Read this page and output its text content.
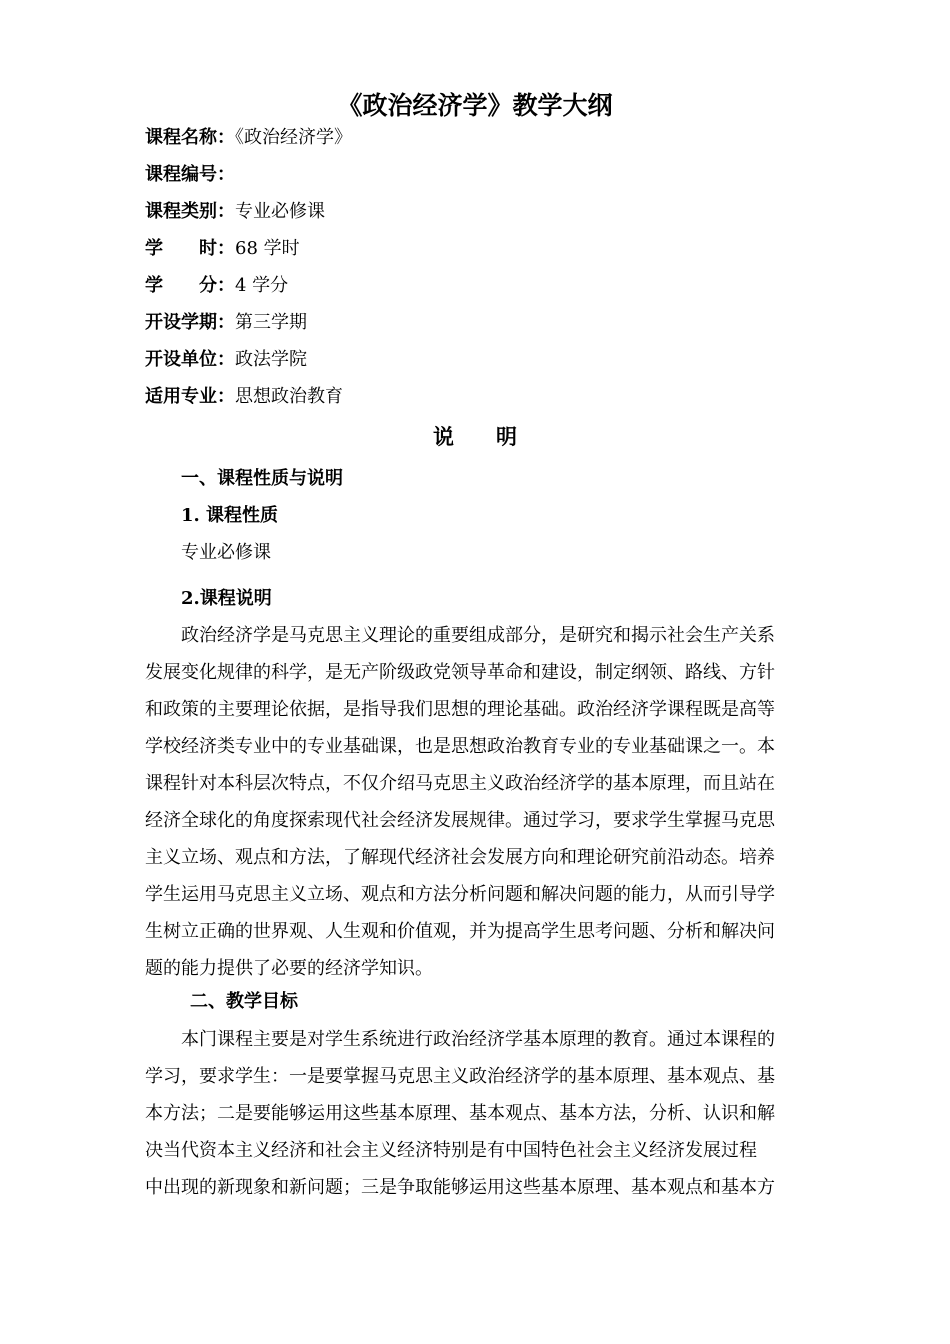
《政治经济学》教学大纲
课程名称：《政治经济学》
课程编号：
课程类别：专业必修课
学　　时：68 学时
学　　分：4 学分
开设学期：第三学期
开设单位：政法学院
适用专业：思想政治教育
说　　明
一、课程性质与说明
1. 课程性质
专业必修课
2.课程说明
　　政治经济学是马克思主义理论的重要组成部分，是研究和揭示社会生产关系
发展变化规律的科学，是无产阶级政党领导革命和建设，制定纲领、路线、方针
和政策的主要理论依据，是指导我们思想的理论基础。政治经济学课程既是高等
学校经济类专业中的专业基础课，也是思想政治教育专业的专业基础课之一。本
课程针对本科层次特点，不仅介绍马克思主义政治经济学的基本原理，而且站在
经济全球化的角度探索现代社会经济发展规律。通过学习，要求学生掌握马克思
主义立场、观点和方法，了解现代经济社会发展方向和理论研究前沿动态。培养
学生运用马克思主义立场、观点和方法分析问题和解决问题的能力，从而引导学
生树立正确的世界观、人生观和价值观，并为提高学生思考问题、分析和解决问
题的能力提供了必要的经济学知识。
二、教学目标
　　本门课程主要是对学生系统进行政治经济学基本原理的教育。通过本课程的
学习，要求学生：一是要掌握马克思主义政治经济学的基本原理、基本观点、基
本方法；二是要能够运用这些基本原理、基本观点、基本方法，分析、认识和解
决当代资本主义经济和社会主义经济特别是有中国特色社会主义经济发展过程
中出现的新现象和新问题；三是争取能够运用这些基本原理、基本观点和基本方
